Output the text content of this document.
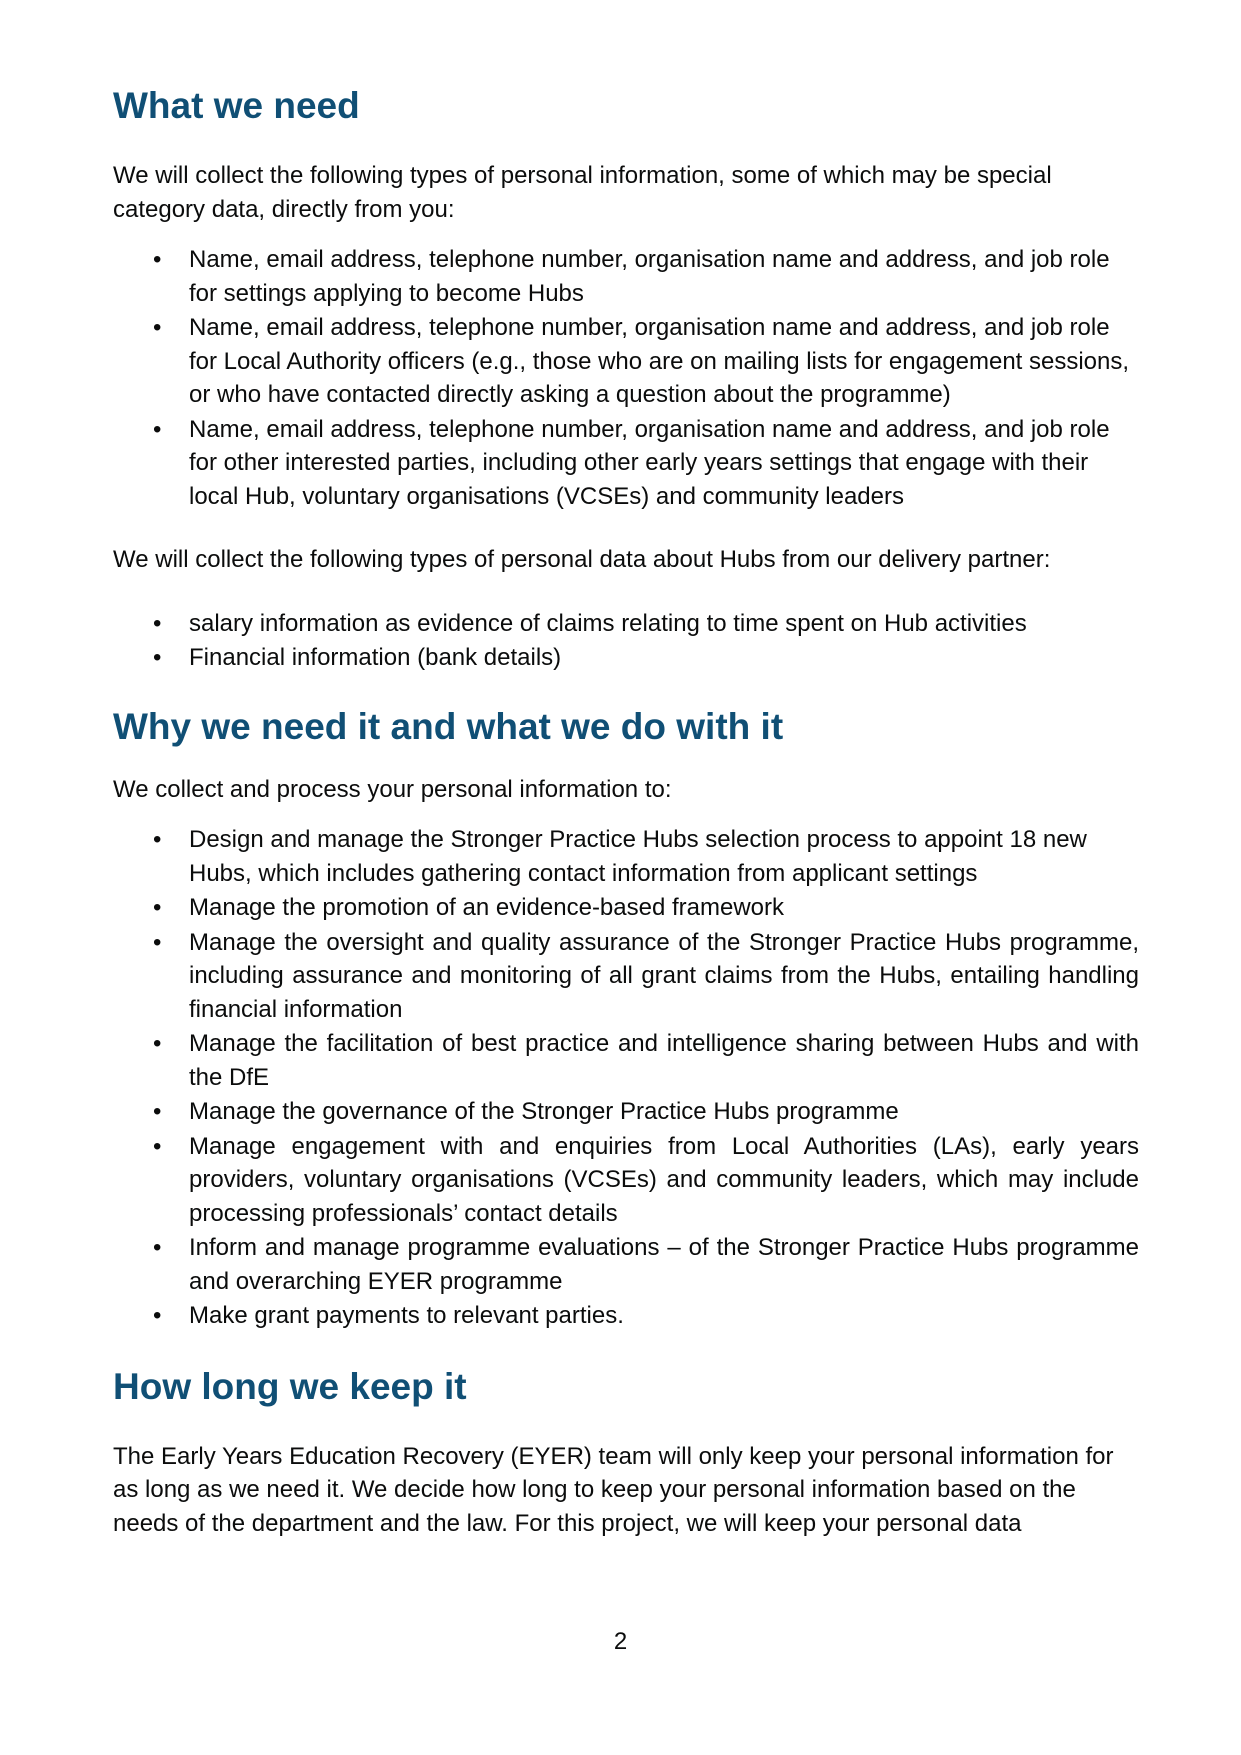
What we need

We will collect the following types of personal information, some of which may be special category data, directly from you:

•	Name, email address, telephone number, organisation name and address, and job role for settings applying to become Hubs
•	Name, email address, telephone number, organisation name and address, and job role for Local Authority officers (e.g., those who are on mailing lists for engagement sessions, or who have contacted directly asking a question about the programme)
•	Name, email address, telephone number, organisation name and address, and job role for other interested parties, including other early years settings that engage with their local Hub, voluntary organisations (VCSEs) and community leaders

We will collect the following types of personal data about Hubs from our delivery partner:

•	salary information as evidence of claims relating to time spent on Hub activities
•	Financial information (bank details)
Why we need it and what we do with it

We collect and process your personal information to:

•	Design and manage the Stronger Practice Hubs selection process to appoint 18 new Hubs, which includes gathering contact information from applicant settings
•	Manage the promotion of an evidence-based framework
•	Manage the oversight and quality assurance of the Stronger Practice Hubs programme, including assurance and monitoring of all grant claims from the Hubs, entailing handling financial information
•	Manage the facilitation of best practice and intelligence sharing between Hubs and with the DfE
•	Manage the governance of the Stronger Practice Hubs programme
•	Manage engagement with and enquiries from Local Authorities (LAs), early years providers, voluntary organisations (VCSEs) and community leaders, which may include processing professionals’ contact details
•	Inform and manage programme evaluations – of the Stronger Practice Hubs programme and overarching EYER programme
•	Make grant payments to relevant parties.
How long we keep it

The Early Years Education Recovery (EYER) team will only keep your personal information for as long as we need it. We decide how long to keep your personal information based on the needs of the department and the law. For this project, we will keep your personal data

2
